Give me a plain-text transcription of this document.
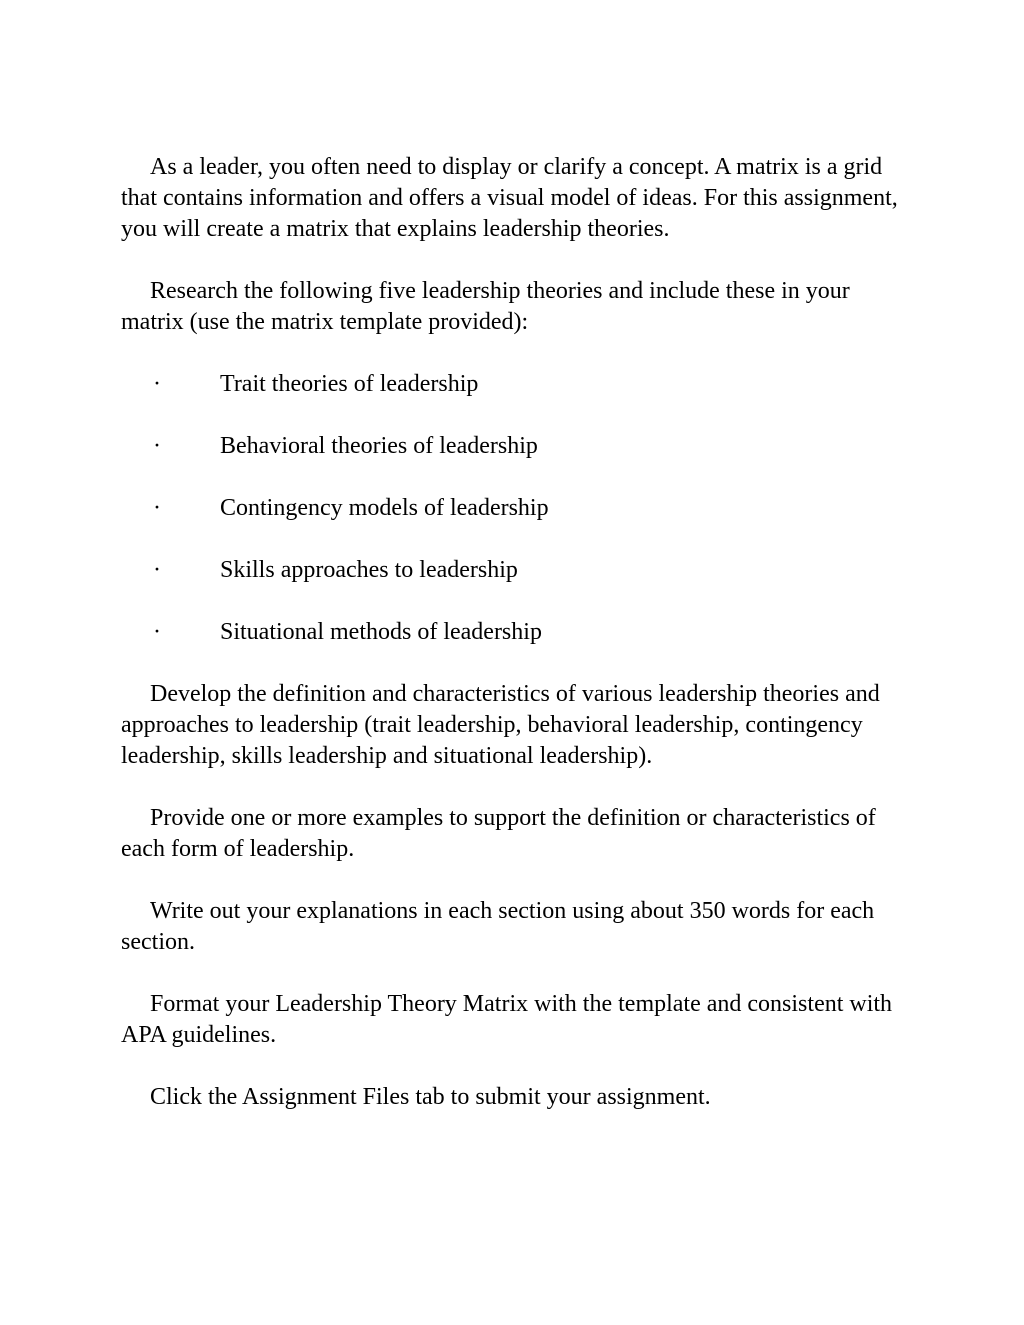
As a leader, you often need to display or clarify a concept. A matrix is a grid that contains information and offers a visual model of ideas. For this assignment, you will create a matrix that explains leadership theories.

Research the following five leadership theories and include these in your matrix (use the matrix template provided):

· Trait theories of leadership
· Behavioral theories of leadership
· Contingency models of leadership
· Skills approaches to leadership
· Situational methods of leadership

Develop the definition and characteristics of various leadership theories and approaches to leadership (trait leadership, behavioral leadership, contingency leadership, skills leadership and situational leadership).

Provide one or more examples to support the definition or characteristics of each form of leadership.

Write out your explanations in each section using about 350 words for each section.

Format your Leadership Theory Matrix with the template and consistent with APA guidelines.

Click the Assignment Files tab to submit your assignment.
